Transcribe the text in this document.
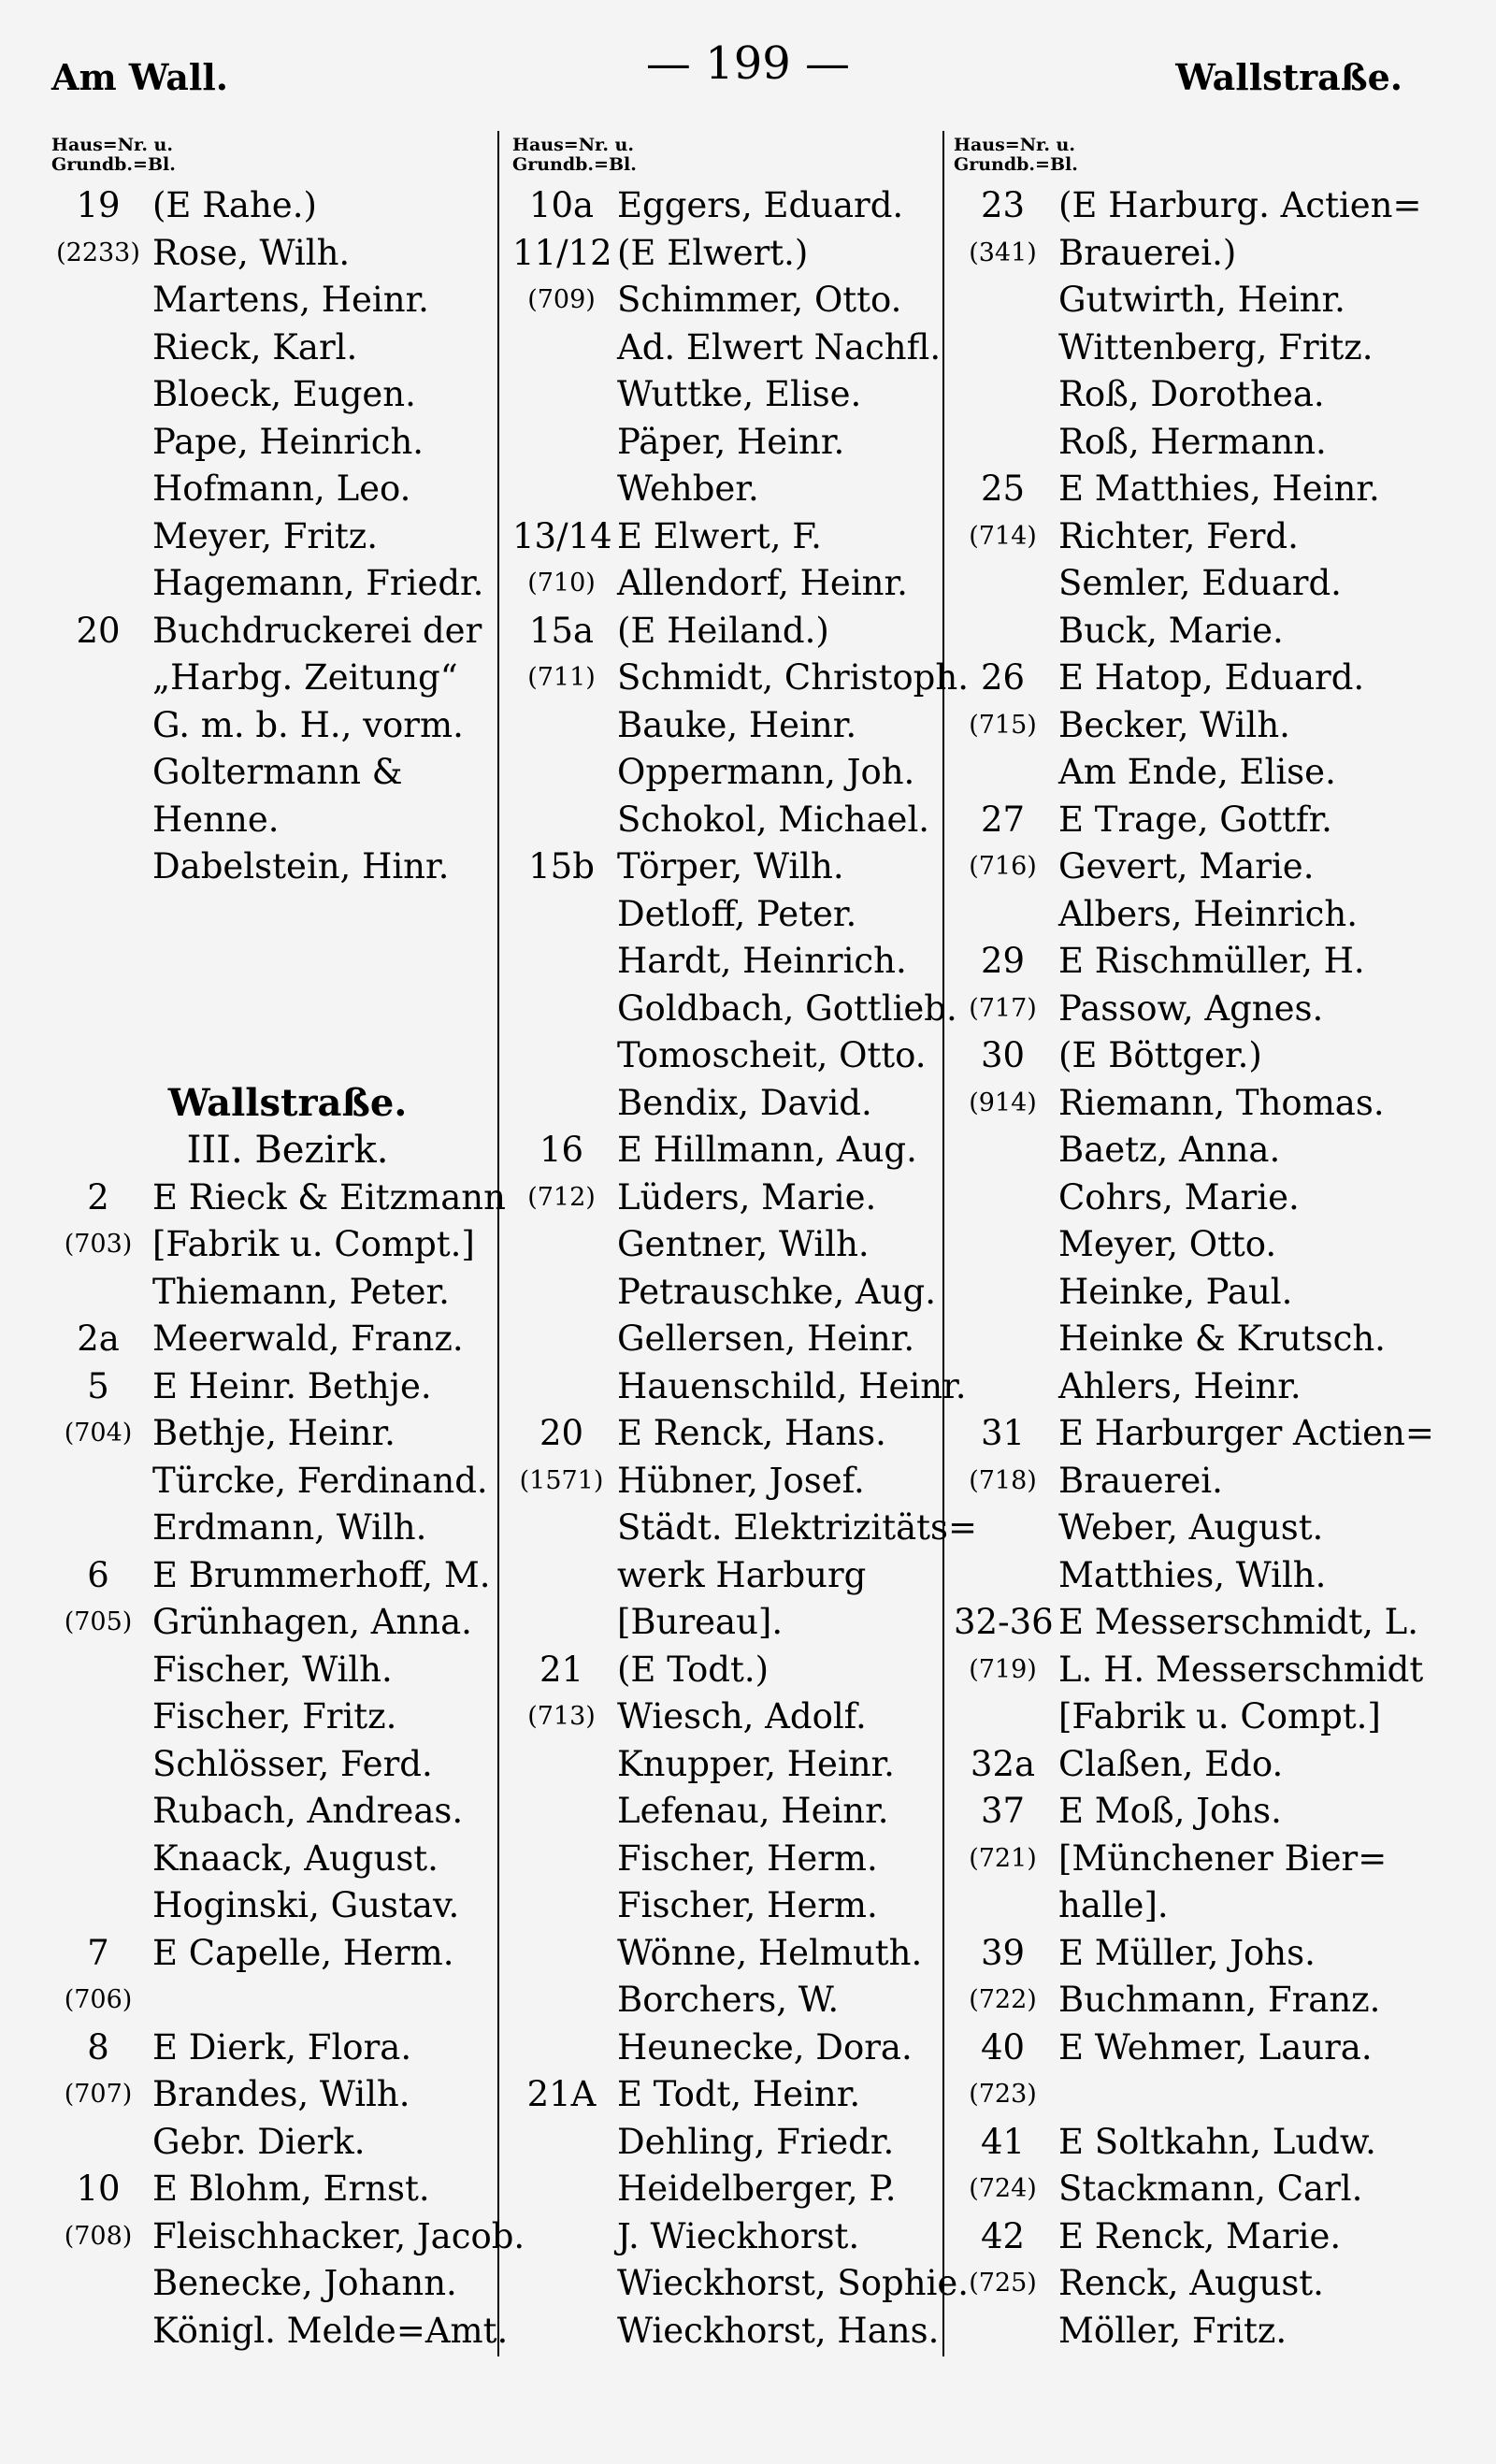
Am Wall.	— 199 —	Wallstraße.
Haus=Nr. u.
Grundb.=Bl.
19 (E Rahe.)
(2233) Rose, Wilh.
Martens, Heinr.
Rieck, Karl.
Bloeck, Eugen.
Pape, Heinrich.
Hofmann, Leo.
Meyer, Fritz.
Hagemann, Friedr.
20 Buchdruckerei der
„Harbg. Zeitung“
G. m. b. H., vorm.
Goltermann &
Henne.
Dabelstein, Hinr.
Wallstraße.
III. Bezirk.
2	E Rieck & Eitzmann
(703) [Fabrik u. Compt.]
Thiemann, Peter.
2a Meerwald, Franz.
5	E Heinr. Bethje.
(704) Bethje, Heinr.
Türcke, Ferdinand.
Erdmann, Wilh.
6	E Brummerhoff, M.
(705) Grünhagen, Anna.
Fischer, Wilh.
Fischer, Fritz.
Schlösser, Ferd.
Rubach, Andreas.
Knaack, August.
Hoginski, Gustav.
7	E Capelle, Herm.
(706)
8	E Dierk, Flora.
(707) Brandes, Wilh.
Gebr. Dierk.
10 E Blohm, Ernst.
(708) Fleischhacker, Jacob.
Benecke, Johann.
Königl. Melde=Amt.
Haus=Nr. u.
Grundb.=Bl.
10a Eggers, Eduard.
11/12 (E Elwert.)
(709) Schimmer, Otto.
Ad. Elwert Nachfl.
Wuttke, Elise.
Päper, Heinr.
Wehber.
13/14 E Elwert, F.
(710) Allendorf, Heinr.
15a (E Heiland.)
(711) Schmidt, Christoph.
Bauke, Heinr.
Oppermann, Joh.
Schokol, Michael.
15b Törper, Wilh.
Detloff, Peter.
Hardt, Heinrich.
Goldbach, Gottlieb.
Tomoscheit, Otto.
Bendix, David.
16 E Hillmann, Aug.
(712) Lüders, Marie.
Gentner, Wilh.
Petrauschke, Aug.
Gellersen, Heinr.
Hauenschild, Heinr.
20 E Renck, Hans.
(1571) Hübner, Josef.
Städt. Elektrizitäts=
werk Harburg
[Bureau].
21 (E Todt.)
(713) Wiesch, Adolf.
Knupper, Heinr.
Lefenau, Heinr.
Fischer, Herm.
Fischer, Herm.
Wönne, Helmuth.
Borchers, W.
Heunecke, Dora.
21A E Todt, Heinr.
Dehling, Friedr.
Heidelberger, P.
J. Wieckhorst.
Wieckhorst, Sophie.
Wieckhorst, Hans.
Haus=Nr. u.
Grundb.=Bl.
23 (E Harburg. Actien=
(341) Brauerei.)
Gutwirth, Heinr.
Wittenberg, Fritz.
Roß, Dorothea.
Roß, Hermann.
25 E Matthies, Heinr.
(714) Richter, Ferd.
Semler, Eduard.
Buck, Marie.
26 E Hatop, Eduard.
(715) Becker, Wilh.
Am Ende, Elise.
27 E Trage, Gottfr.
(716) Gevert, Marie.
Albers, Heinrich.
29 E Rischmüller, H.
(717) Passow, Agnes.
30 (E Böttger.)
(914) Riemann, Thomas.
Baetz, Anna.
Cohrs, Marie.
Meyer, Otto.
Heinke, Paul.
Heinke & Krutsch.
Ahlers, Heinr.
31 E Harburger Actien=
(718) Brauerei.
Weber, August.
Matthies, Wilh.
32-36 E Messerschmidt, L.
(719) L. H. Messerschmidt
[Fabrik u. Compt.]
32a Claßen, Edo.
37 E Moß, Johs.
(721) [Münchener Bier=
halle].
39 E Müller, Johs.
(722) Buchmann, Franz.
40 E Wehmer, Laura.
(723)
41 E Soltkahn, Ludw.
(724) Stackmann, Carl.
42 E Renck, Marie.
(725) Renck, August.
Möller, Fritz.
